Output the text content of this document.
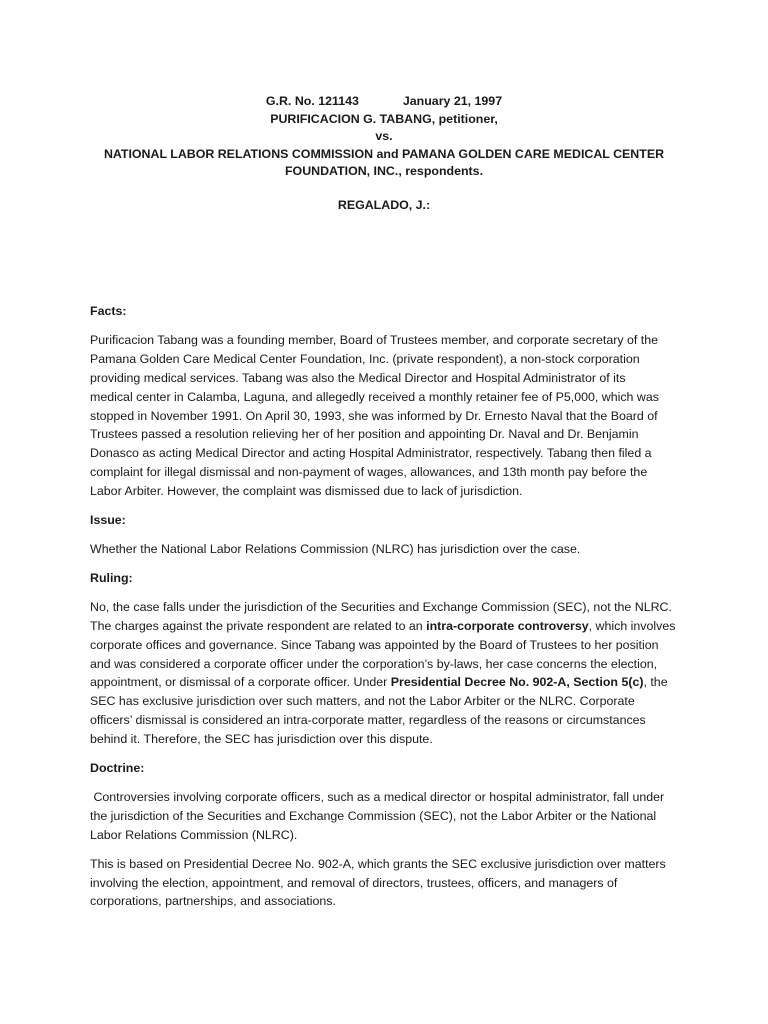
G.R. No. 121143	January 21, 1997
PURIFICACION G. TABANG, petitioner,
vs.
NATIONAL LABOR RELATIONS COMMISSION and PAMANA GOLDEN CARE MEDICAL CENTER
FOUNDATION, INC., respondents.
REGALADO, J.:
Facts:

Purificacion Tabang was a founding member, Board of Trustees member, and corporate secretary of the
Pamana Golden Care Medical Center Foundation, Inc. (private respondent), a non-stock corporation
providing medical services. Tabang was also the Medical Director and Hospital Administrator of its
medical center in Calamba, Laguna, and allegedly received a monthly retainer fee of P5,000, which was
stopped in November 1991. On April 30, 1993, she was informed by Dr. Ernesto Naval that the Board of
Trustees passed a resolution relieving her of her position and appointing Dr. Naval and Dr. Benjamin
Donasco as acting Medical Director and acting Hospital Administrator, respectively. Tabang then filed a
complaint for illegal dismissal and non-payment of wages, allowances, and 13th month pay before the
Labor Arbiter. However, the complaint was dismissed due to lack of jurisdiction.

Issue:

Whether the National Labor Relations Commission (NLRC) has jurisdiction over the case.

Ruling:

No, the case falls under the jurisdiction of the Securities and Exchange Commission (SEC), not the NLRC.
The charges against the private respondent are related to an intra-corporate controversy, which involves
corporate offices and governance. Since Tabang was appointed by the Board of Trustees to her position
and was considered a corporate officer under the corporation’s by-laws, her case concerns the election,
appointment, or dismissal of a corporate officer. Under Presidential Decree No. 902-A, Section 5(c), the
SEC has exclusive jurisdiction over such matters, and not the Labor Arbiter or the NLRC. Corporate
officers’ dismissal is considered an intra-corporate matter, regardless of the reasons or circumstances
behind it. Therefore, the SEC has jurisdiction over this dispute.

Doctrine:

Controversies involving corporate officers, such as a medical director or hospital administrator, fall under
the jurisdiction of the Securities and Exchange Commission (SEC), not the Labor Arbiter or the National
Labor Relations Commission (NLRC).

This is based on Presidential Decree No. 902-A, which grants the SEC exclusive jurisdiction over matters
involving the election, appointment, and removal of directors, trustees, officers, and managers of
corporations, partnerships, and associations.
